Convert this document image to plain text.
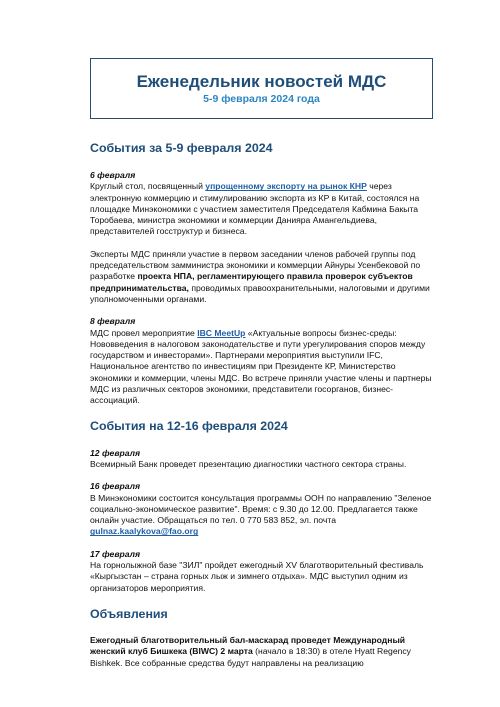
Еженедельник новостей МДС
5-9 февраля 2024 года
События за 5-9 февраля 2024

6 февраля

Круглый стол, посвященный упрощенному экспорту на рынок КНР через электронную коммерцию и стимулированию экспорта из КР в Китай, состоялся на площадке Минэкономики с участием заместителя Председателя Кабмина Бакыта Торобаева, министра экономики и коммерции Данияра Амангельдиева, представителей госструктур и бизнеса.

Эксперты МДС приняли участие в первом заседании членов рабочей группы под председательством замминистра экономики и коммерции Айнуры Усенбековой по разработке проекта НПА, регламентирующего правила проверок субъектов предпринимательства, проводимых правоохранительными, налоговыми и другими уполномоченными органами.

8 февраля

МДС провел мероприятие IBC MeetUp «Актуальные вопросы бизнес-среды: Нововведения в налоговом законодательстве и пути урегулирования споров между государством и инвесторами». Партнерами мероприятия выступили IFC, Национальное агентство по инвестициям при Президенте КР, Министерство экономики и коммерции, члены МДС. Во встрече приняли участие члены и партнеры МДС из различных секторов экономики, представители госорганов, бизнес-ассоциаций.

События на 12-16 февраля 2024

12 февраля

Всемирный Банк проведет презентацию диагностики частного сектора страны.

16 февраля

В Минэкономики состоится консультация программы ООН по направлению "Зеленое социально-экономическое развитие". Время: с 9.30 до 12.00. Предлагается также онлайн участие. Обращаться по тел. 0 770 583 852, эл. почта gulnaz.kaalykova@fao.org

17 февраля

На горнолыжной базе "ЗИЛ" пройдет ежегодный XV благотворительный фестиваль «Кыргызстан – страна горных лыж и зимнего отдыха». МДС выступил одним из организаторов мероприятия.

Объявления

Ежегодный благотворительный бал-маскарад проведет Международный женский клуб Бишкека (BIWC) 2 марта (начало в 18:30) в отеле Hyatt Regency Bishkek. Все собранные средства будут направлены на реализацию
